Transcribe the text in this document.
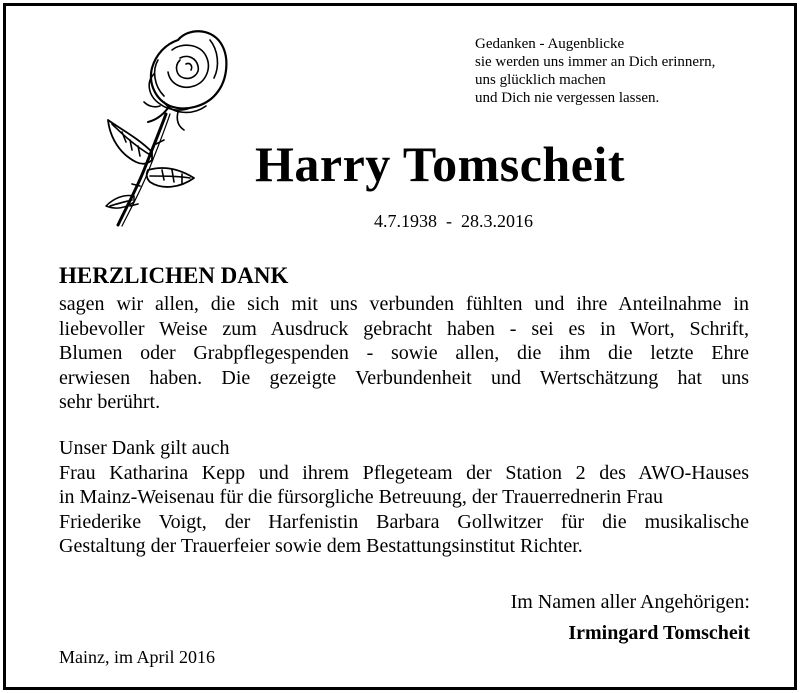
Gedanken - Augenblicke
sie werden uns immer an Dich erinnern,
uns glücklich machen
und Dich nie vergessen lassen.
Harry Tomscheit
4.7.1938  -  28.3.2016
HERZLICHEN DANK
sagen wir allen, die sich mit uns verbunden fühlten und ihre Anteilnahme in
liebevoller Weise zum Ausdruck gebracht haben - sei es in Wort, Schrift,
Blumen oder Grabpflegespenden - sowie allen, die ihm die letzte Ehre
erwiesen haben. Die gezeigte Verbundenheit und Wertschätzung hat uns
sehr berührt.
Unser Dank gilt auch
Frau Katharina Kepp und ihrem Pflegeteam der Station 2 des AWO-Hauses
in Mainz-Weisenau für die fürsorgliche Betreuung, der Trauerrednerin Frau
Friederike Voigt, der Harfenistin Barbara Gollwitzer für die musikalische
Gestaltung der Trauerfeier sowie dem Bestattungsinstitut Richter.
Im Namen aller Angehörigen:
Irmingard Tomscheit
Mainz, im April 2016
